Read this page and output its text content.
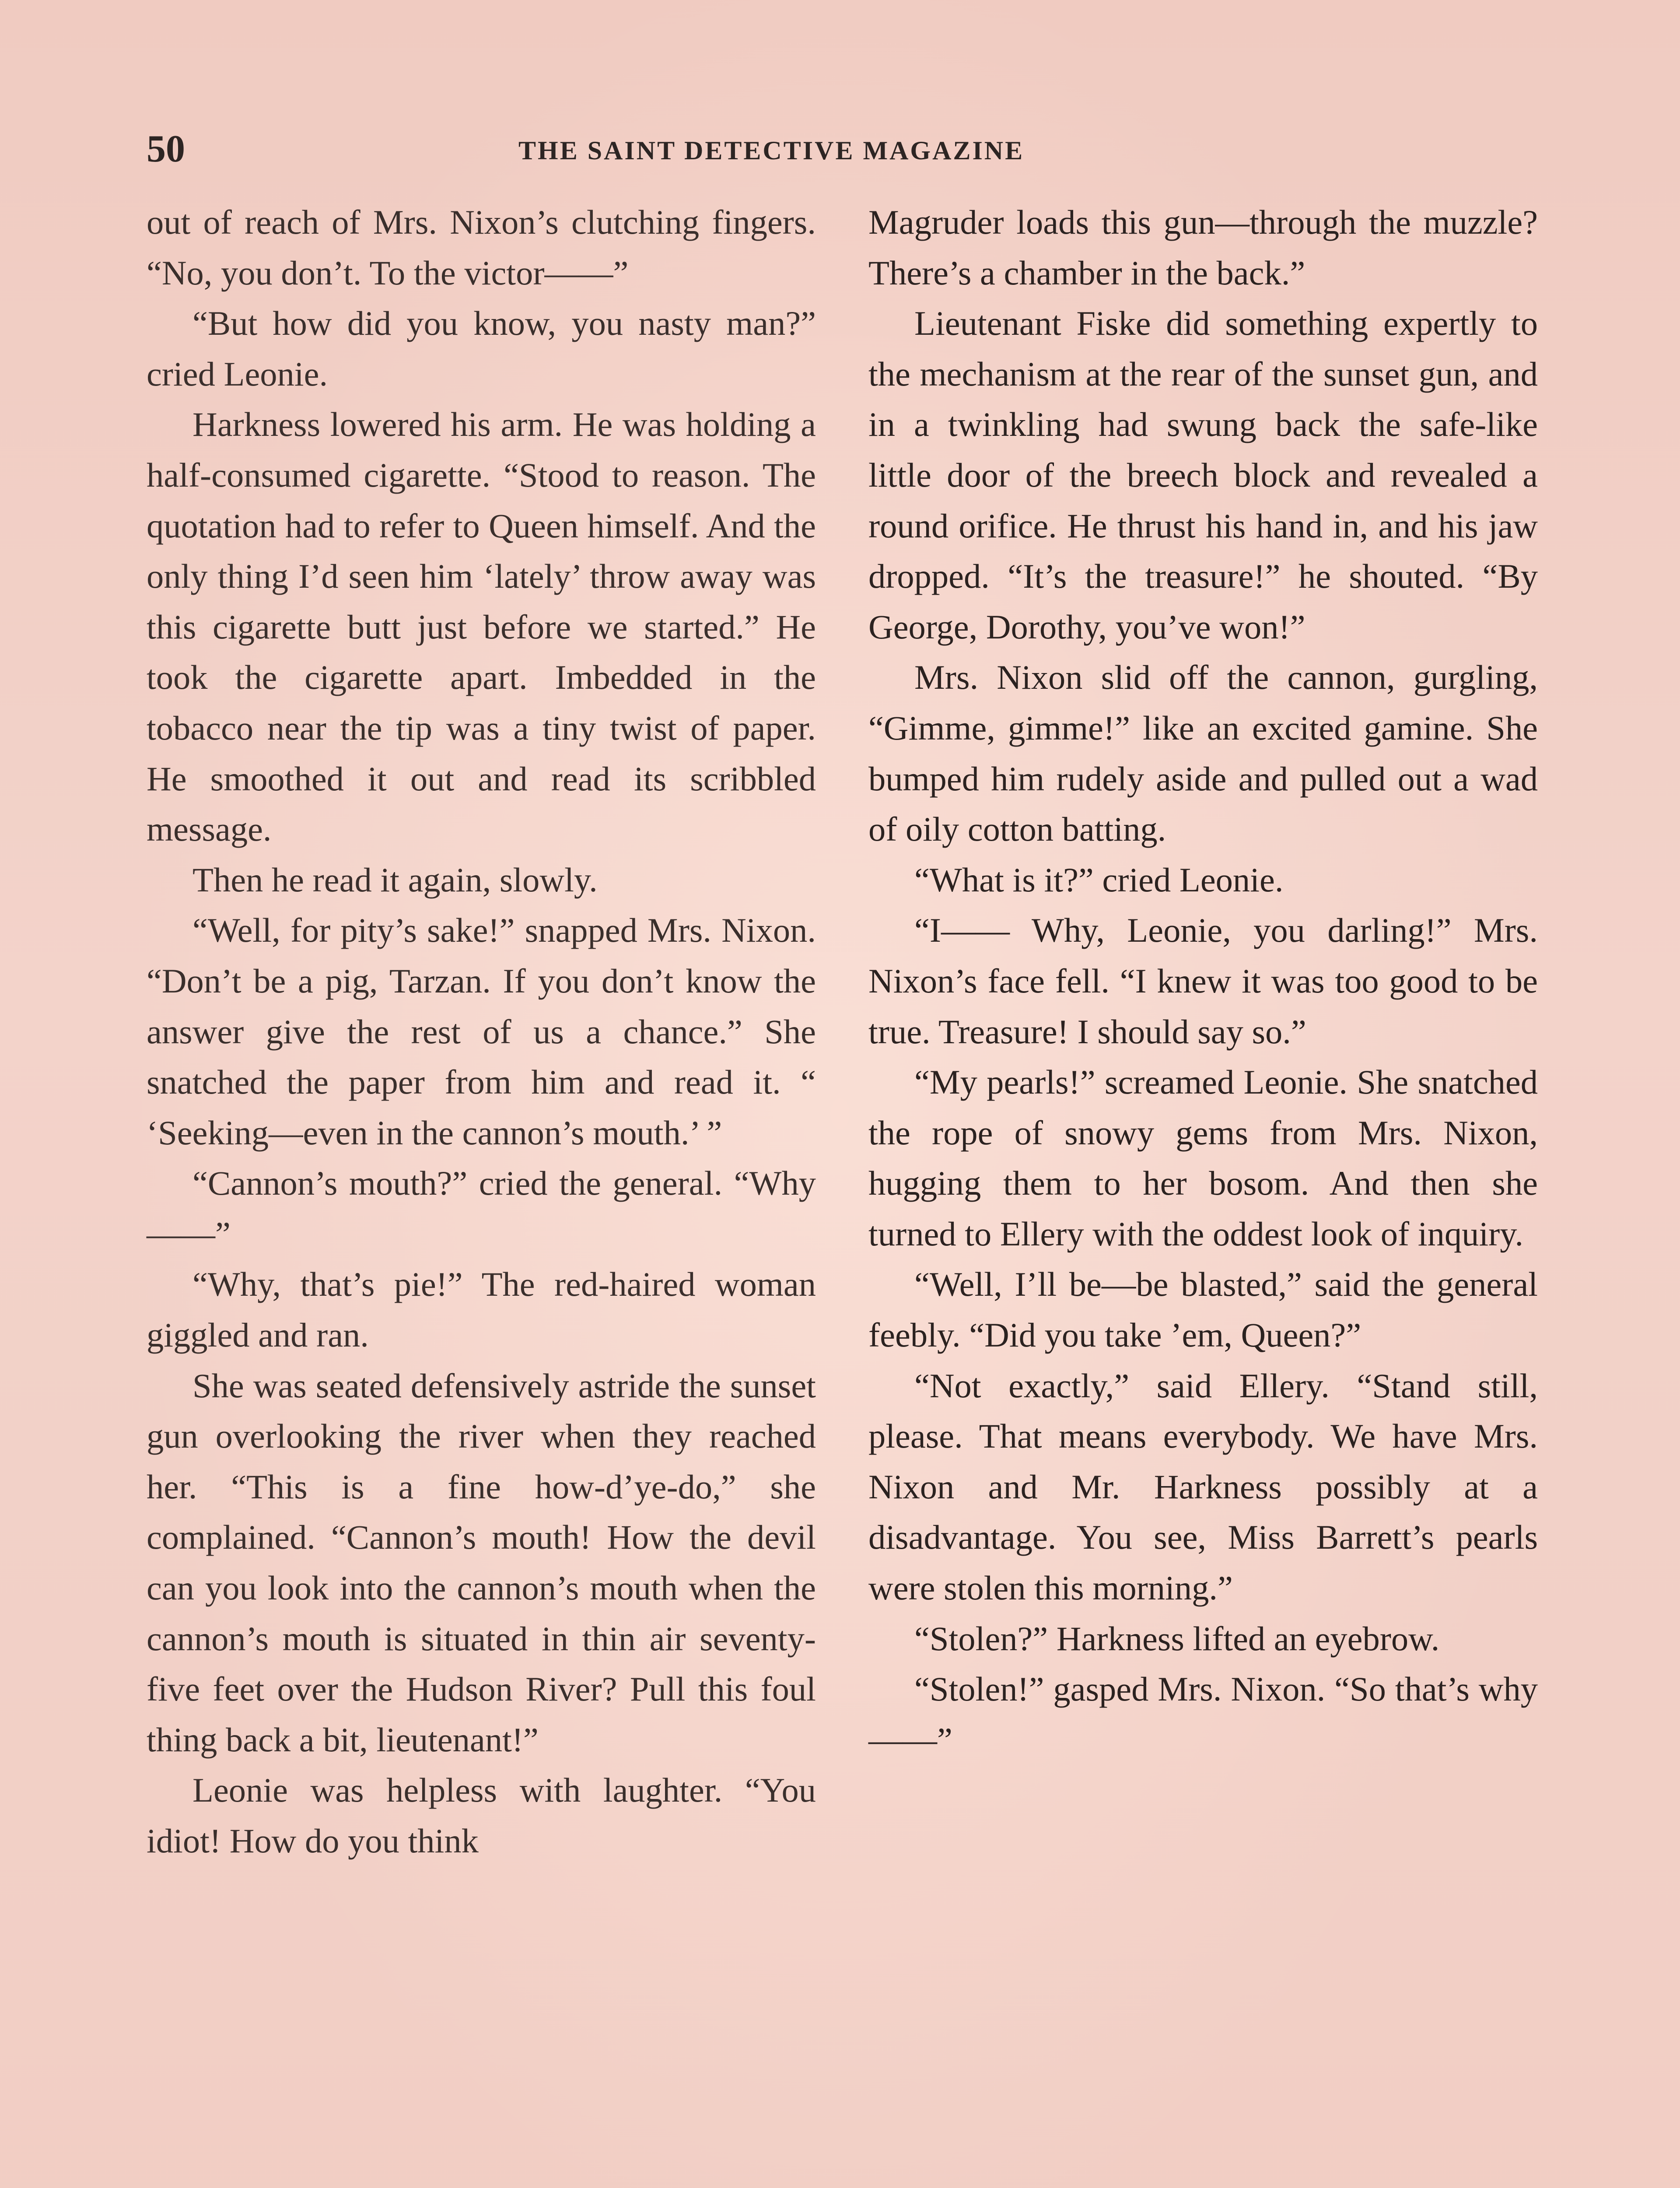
50	THE SAINT DETECTIVE MAGAZINE

out of reach of Mrs. Nixon’s clutching fingers. “No, you don’t. To the victor——”

“But how did you know, you nasty man?” cried Leonie.

Harkness lowered his arm. He was holding a half-consumed cigarette. “Stood to reason. The quotation had to refer to Queen himself. And the only thing I’d seen him ‘lately’ throw away was this cigarette butt just before we started.” He took the cigarette apart. Imbedded in the tobacco near the tip was a tiny twist of paper. He smoothed it out and read its scribbled message.

Then he read it again, slowly.

“Well, for pity’s sake!” snapped Mrs. Nixon. “Don’t be a pig, Tarzan. If you don’t know the answer give the rest of us a chance.” She snatched the paper from him and read it. “ ‘Seeking—even in the cannon’s mouth.’ ”

“Cannon’s mouth?” cried the general. “Why——”

“Why, that’s pie!” The red-haired woman giggled and ran.

She was seated defensively astride the sunset gun overlooking the river when they reached her. “This is a fine how-d’ye-do,” she complained. “Cannon’s mouth! How the devil can you look into the cannon’s mouth when the cannon’s mouth is situated in thin air seventy-five feet over the Hudson River? Pull this foul thing back a bit, lieutenant!”

Leonie was helpless with laughter. “You idiot! How do you think

Magruder loads this gun—through the muzzle? There’s a chamber in the back.”

Lieutenant Fiske did something expertly to the mechanism at the rear of the sunset gun, and in a twinkling had swung back the safe-like little door of the breech block and revealed a round orifice. He thrust his hand in, and his jaw dropped. “It’s the treasure!” he shouted. “By George, Dorothy, you’ve won!”

Mrs. Nixon slid off the cannon, gurgling, “Gimme, gimme!” like an excited gamine. She bumped him rudely aside and pulled out a wad of oily cotton batting.

“What is it?” cried Leonie.

“I—— Why, Leonie, you darling!” Mrs. Nixon’s face fell. “I knew it was too good to be true. Treasure! I should say so.”

“My pearls!” screamed Leonie. She snatched the rope of snowy gems from Mrs. Nixon, hugging them to her bosom. And then she turned to Ellery with the oddest look of inquiry.

“Well, I’ll be—be blasted,” said the general feebly. “Did you take ’em, Queen?”

“Not exactly,” said Ellery. “Stand still, please. That means everybody. We have Mrs. Nixon and Mr. Harkness possibly at a disadvantage. You see, Miss Barrett’s pearls were stolen this morning.”

“Stolen?” Harkness lifted an eyebrow.

“Stolen!” gasped Mrs. Nixon. “So that’s why——”
